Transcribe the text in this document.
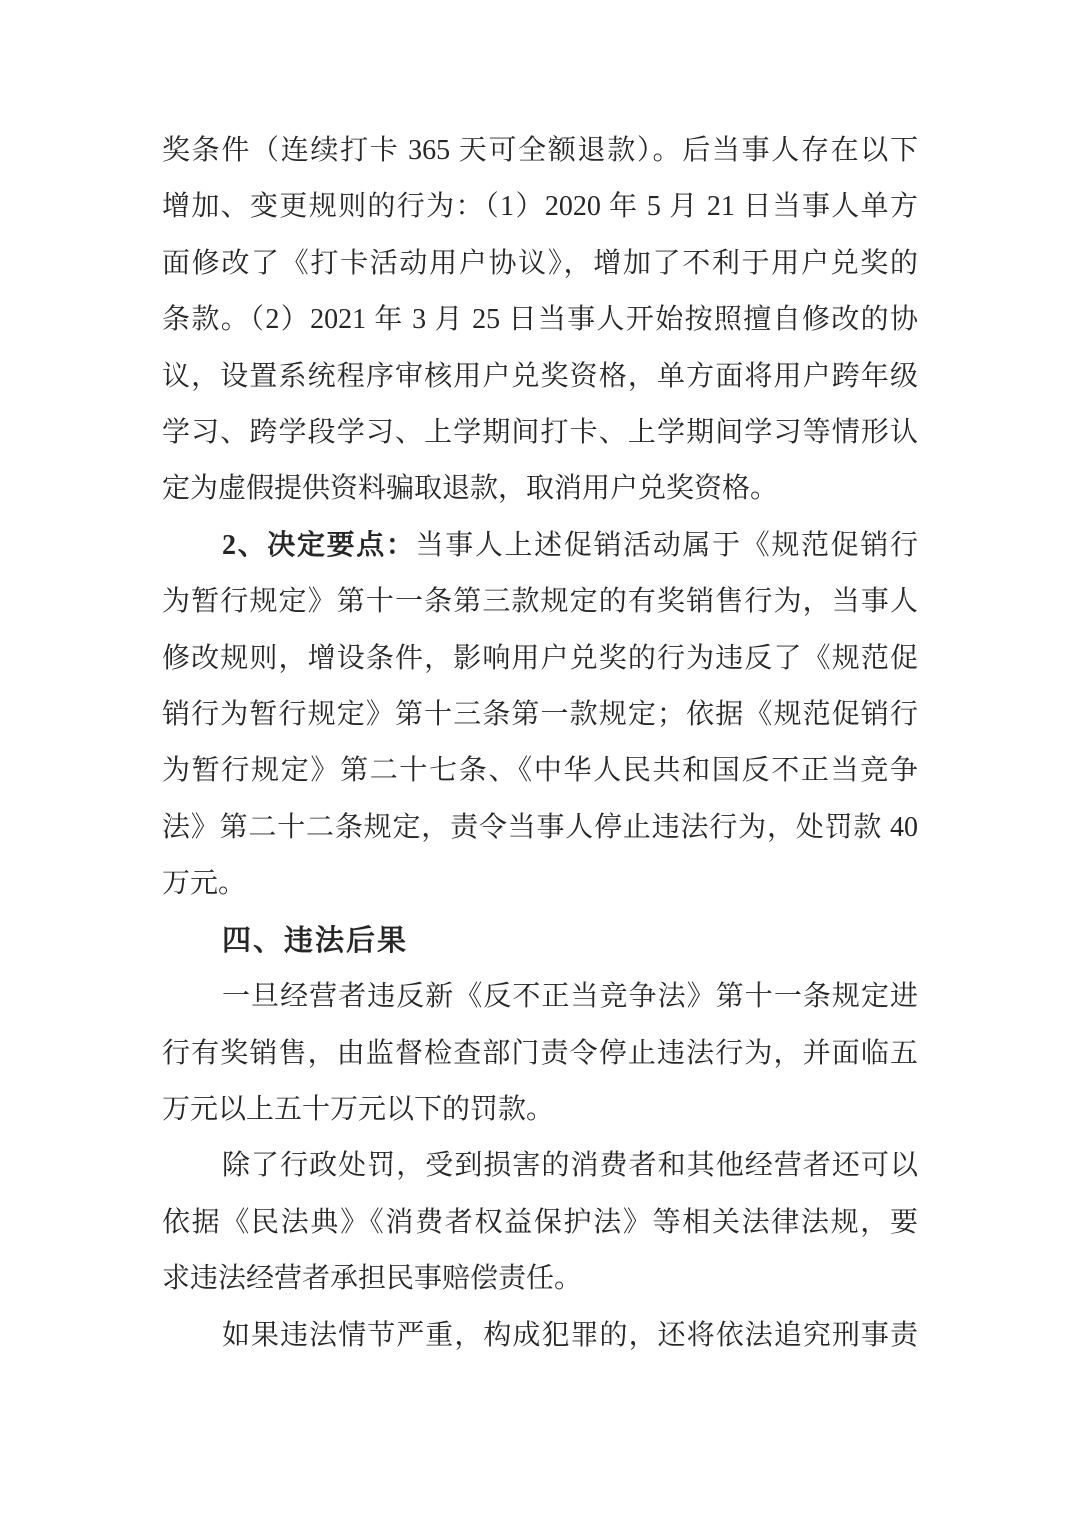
奖条件（连续打卡 365 天可全额退款）。后当事人存在以下
增加、变更规则的行为：（1）2020 年 5 月 21 日当事人单方
面修改了《打卡活动用户协议》，增加了不利于用户兑奖的
条款。（2）2021 年 3 月 25 日当事人开始按照擅自修改的协
议，设置系统程序审核用户兑奖资格，单方面将用户跨年级
学习、跨学段学习、上学期间打卡、上学期间学习等情形认
定为虚假提供资料骗取退款，取消用户兑奖资格。
2、决定要点：当事人上述促销活动属于《规范促销行
为暂行规定》第十一条第三款规定的有奖销售行为，当事人
修改规则，增设条件，影响用户兑奖的行为违反了《规范促
销行为暂行规定》第十三条第一款规定；依据《规范促销行
为暂行规定》第二十七条、《中华人民共和国反不正当竞争
法》第二十二条规定，责令当事人停止违法行为，处罚款 40
万元。
四、违法后果
一旦经营者违反新《反不正当竞争法》第十一条规定进
行有奖销售，由监督检查部门责令停止违法行为，并面临五
万元以上五十万元以下的罚款。
除了行政处罚，受到损害的消费者和其他经营者还可以
依据《民法典》《消费者权益保护法》等相关法律法规，要
求违法经营者承担民事赔偿责任。
如果违法情节严重，构成犯罪的，还将依法追究刑事责
